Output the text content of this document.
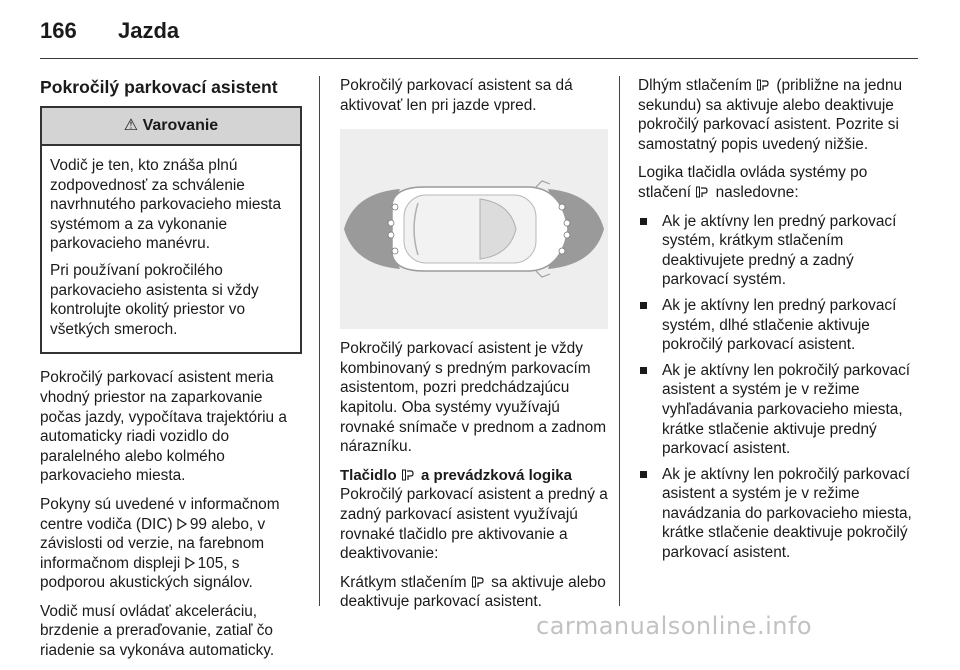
166 Jazda
Pokročilý parkovací asistent
⚠ Varovanie

Vodič je ten, kto znáša plnú zodpovednosť za schválenie navrhnutého parkovacieho miesta systémom a za vykonanie parkovacieho manévru.

Pri používaní pokročilého parkovacieho asistenta si vždy kontrolujte okolitý priestor vo všetkých smeroch.

Pokročilý parkovací asistent meria vhodný priestor na zaparkovanie počas jazdy, vypočítava trajektóriu a automaticky riadi vozidlo do paralelného alebo kolmého parkovacieho miesta.

Pokyny sú uvedené v informačnom centre vodiča (DIC) 99 alebo, v závislosti od verzie, na farebnom informačnom displeji 105, s podporou akustických signálov.

Vodič musí ovládať akceleráciu, brzdenie a preraďovanie, zatiaľ čo riadenie sa vykonáva automaticky.

Pokročilý parkovací asistent sa dá aktivovať len pri jazde vpred.

Pokročilý parkovací asistent je vždy kombinovaný s predným parkovacím asistentom, pozri predchádzajúcu kapitolu. Oba systémy využívajú rovnaké snímače v prednom a zadnom nárazníku.

Tlačidlo a prevádzková logika

Pokročilý parkovací asistent a predný a zadný parkovací asistent využívajú rovnaké tlačidlo pre aktivovanie a deaktivovanie:

Krátkym stlačením sa aktivuje alebo deaktivuje parkovací asistent.

Dlhým stlačením (približne na jednu sekundu) sa aktivuje alebo deaktivuje pokročilý parkovací asistent. Pozrite si samostatný popis uvedený nižšie.

Logika tlačidla ovláda systémy po stlačení nasledovne:

Ak je aktívny len predný parkovací systém, krátkym stlačením deaktivujete predný a zadný parkovací systém.
Ak je aktívny len predný parkovací systém, dlhé stlačenie aktivuje pokročilý parkovací asistent.
Ak je aktívny len pokročilý parkovací asistent a systém je v režime vyhľadávania parkovacieho miesta, krátke stlačenie aktivuje predný parkovací asistent.
Ak je aktívny len pokročilý parkovací asistent a systém je v režime navádzania do parkovacieho miesta, krátke stlačenie deaktivuje pokročilý parkovací asistent.
carmanualsonline.info
